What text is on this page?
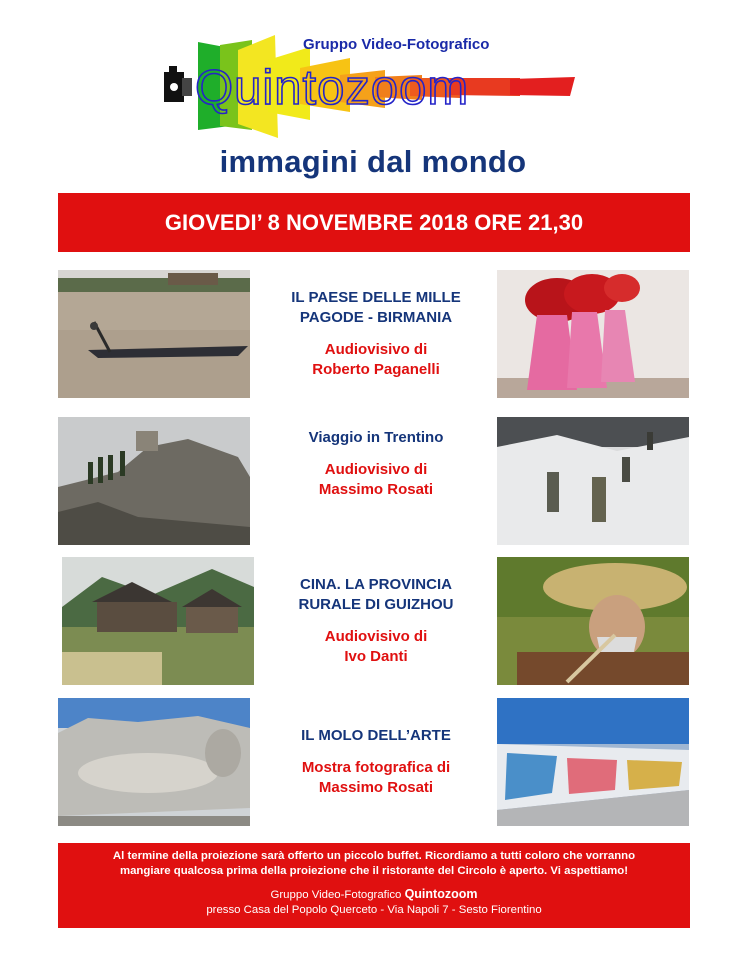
Gruppo Video-Fotografico
Quintozoom
immagini dal mondo
GIOVEDI’ 8 NOVEMBRE 2018 ORE 21,30
IL PAESE DELLE MILLE
PAGODE - BIRMANIA
Audiovisivo di
Roberto Paganelli
Viaggio in Trentino
Audiovisivo di
Massimo Rosati
CINA. LA PROVINCIA
RURALE DI GUIZHOU
Audiovisivo di
Ivo Danti
IL MOLO DELL’ARTE
Mostra fotografica di
Massimo Rosati

Al termine della proiezione sarà offerto un piccolo buffet. Ricordiamo a tutti coloro che vorranno
mangiare qualcosa prima della proiezione che il ristorante del Circolo è aperto. Vi aspettiamo!

Gruppo Video-Fotografico Quintozoom

presso Casa del Popolo Querceto - Via Napoli 7 - Sesto Fiorentino
